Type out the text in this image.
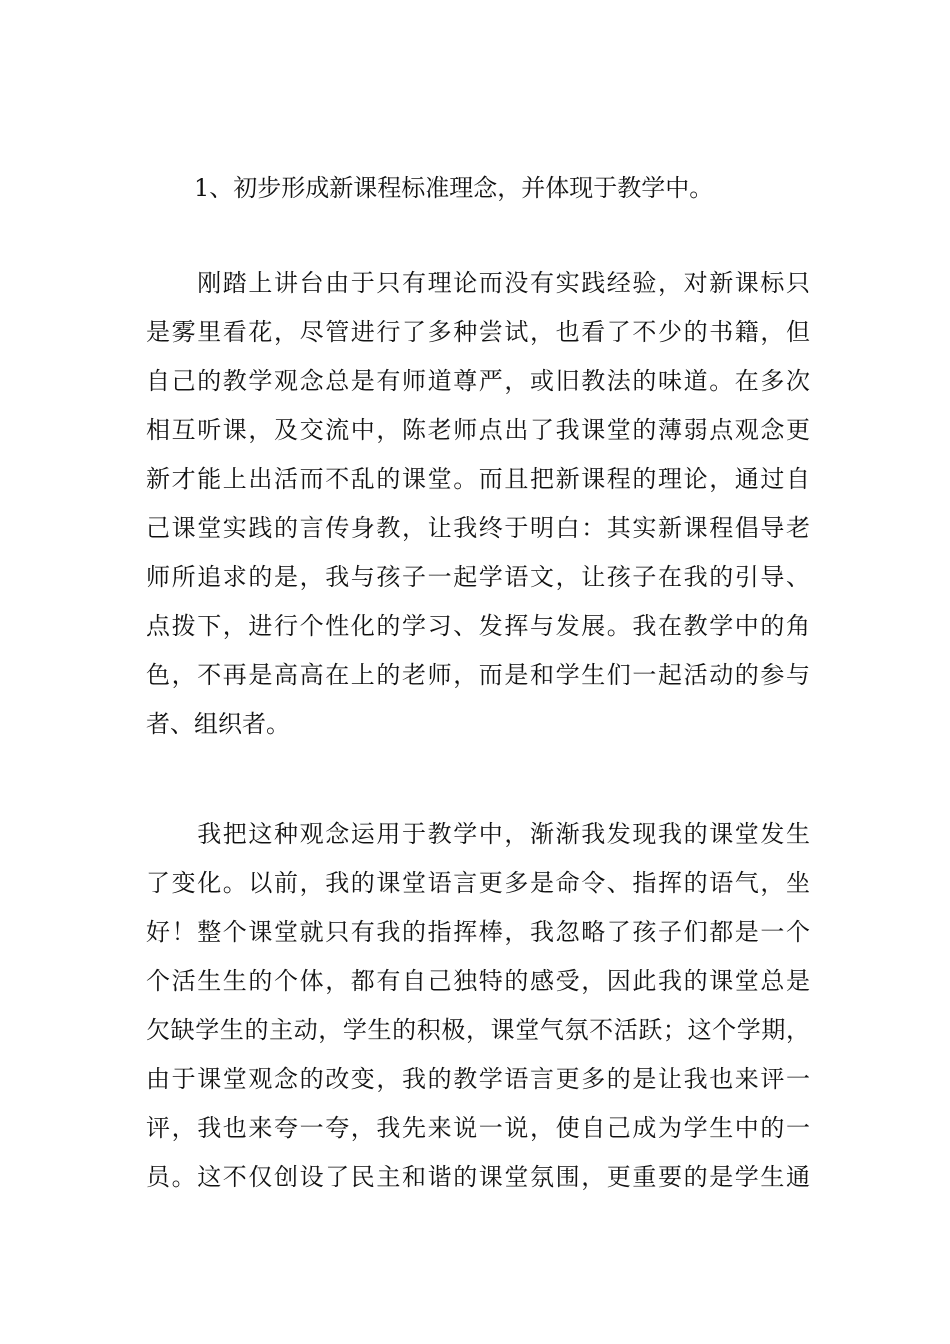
1、初步形成新课程标准理念，并体现于教学中。

　　刚踏上讲台由于只有理论而没有实践经验，对新课标只
是雾里看花，尽管进行了多种尝试，也看了不少的书籍，但
自己的教学观念总是有师道尊严，或旧教法的味道。在多次
相互听课，及交流中，陈老师点出了我课堂的薄弱点观念更
新才能上出活而不乱的课堂。而且把新课程的理论，通过自
己课堂实践的言传身教，让我终于明白：其实新课程倡导老
师所追求的是，我与孩子一起学语文，让孩子在我的引导、
点拨下，进行个性化的学习、发挥与发展。我在教学中的角
色，不再是高高在上的老师，而是和学生们一起活动的参与
者、组织者。
　　我把这种观念运用于教学中，渐渐我发现我的课堂发生
了变化。以前，我的课堂语言更多是命令、指挥的语气，坐
好！整个课堂就只有我的指挥棒，我忽略了孩子们都是一个
个活生生的个体，都有自己独特的感受，因此我的课堂总是
欠缺学生的主动，学生的积极，课堂气氛不活跃；这个学期，
由于课堂观念的改变，我的教学语言更多的是让我也来评一
评，我也来夸一夸，我先来说一说，使自己成为学生中的一
员。这不仅创设了民主和谐的课堂氛围，更重要的是学生通
